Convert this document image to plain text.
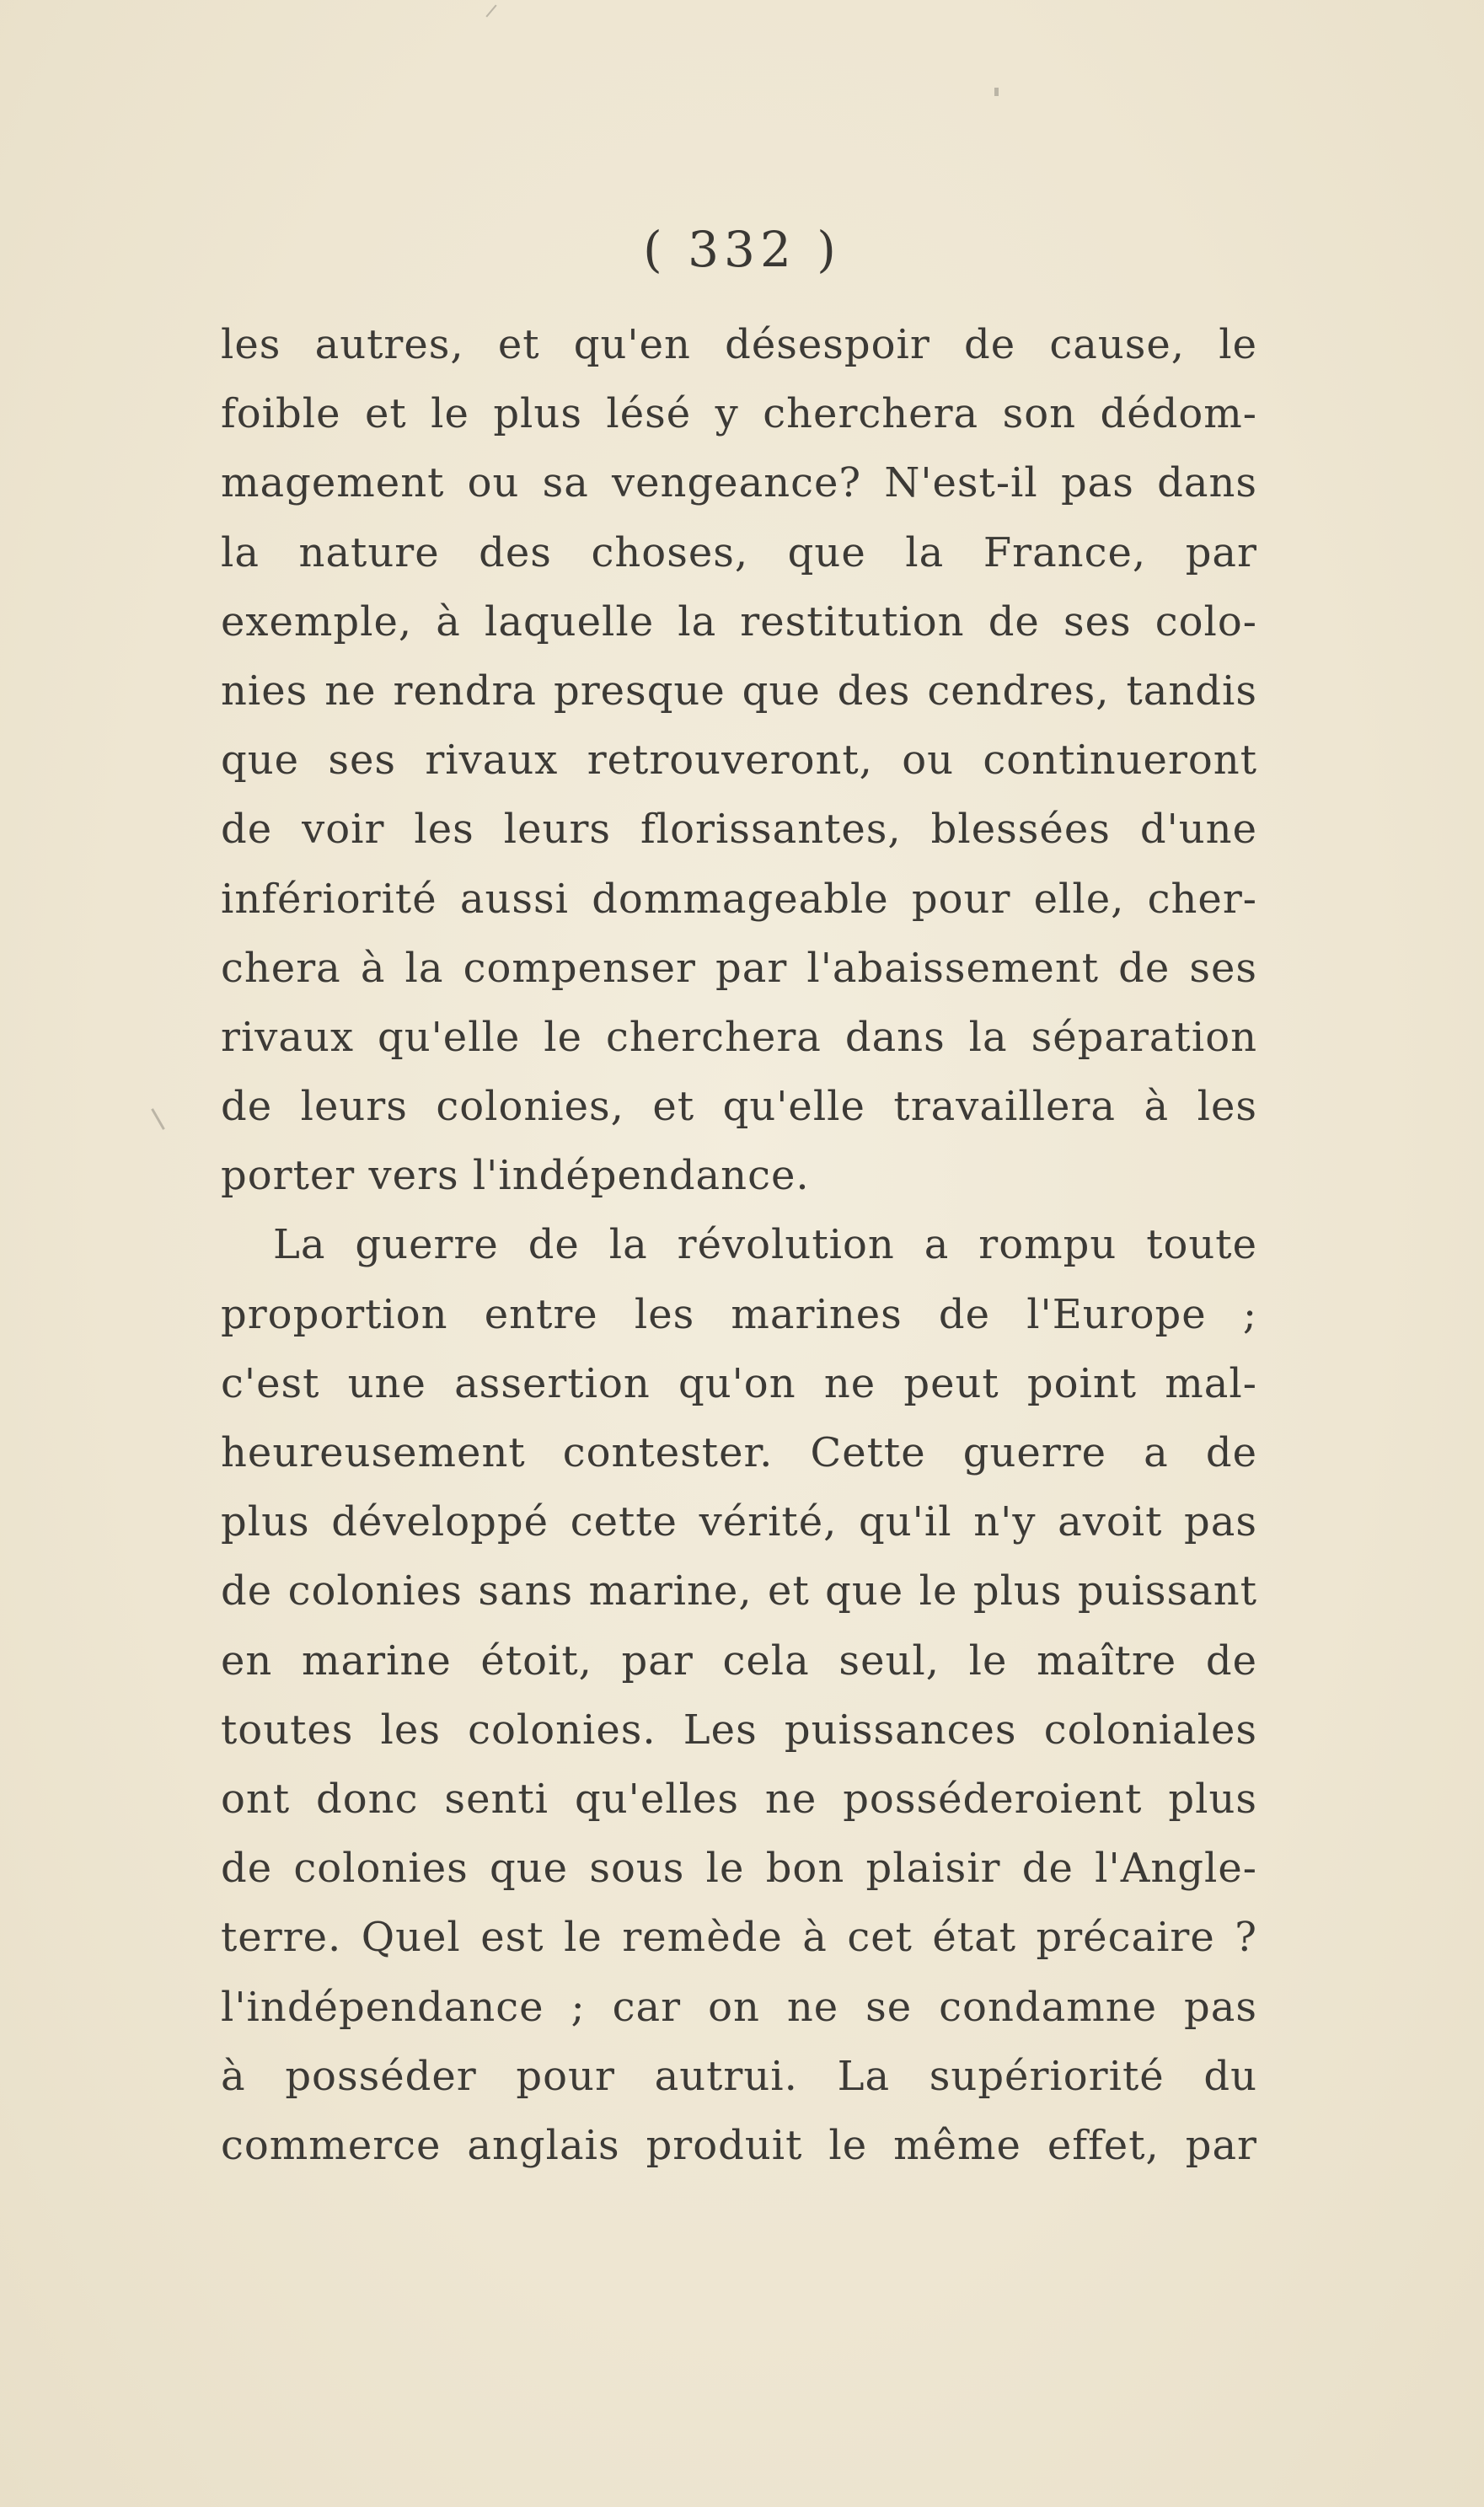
( 332 )
les autres, et qu'en désespoir de cause, le
foible et le plus lésé y cherchera son dédom-
magement ou sa vengeance? N'est-il pas dans
la nature des choses, que la France, par
exemple, à laquelle la restitution de ses colo-
nies ne rendra presque que des cendres, tandis
que ses rivaux retrouveront, ou continueront
de voir les leurs florissantes, blessées d'une
infériorité aussi dommageable pour elle, cher-
chera à la compenser par l'abaissement de ses
rivaux qu'elle le cherchera dans la séparation
de leurs colonies, et qu'elle travaillera à les
porter vers l'indépendance.
La guerre de la révolution a rompu toute
proportion entre les marines de l'Europe ;
c'est une assertion qu'on ne peut point mal-
heureusement contester. Cette guerre a de
plus développé cette vérité, qu'il n'y avoit pas
de colonies sans marine, et que le plus puissant
en marine étoit, par cela seul, le maître de
toutes les colonies. Les puissances coloniales
ont donc senti qu'elles ne posséderoient plus
de colonies que sous le bon plaisir de l'Angle-
terre. Quel est le remède à cet état précaire ?
l'indépendance ; car on ne se condamne pas
à posséder pour autrui. La supériorité du
commerce anglais produit le même effet, par
